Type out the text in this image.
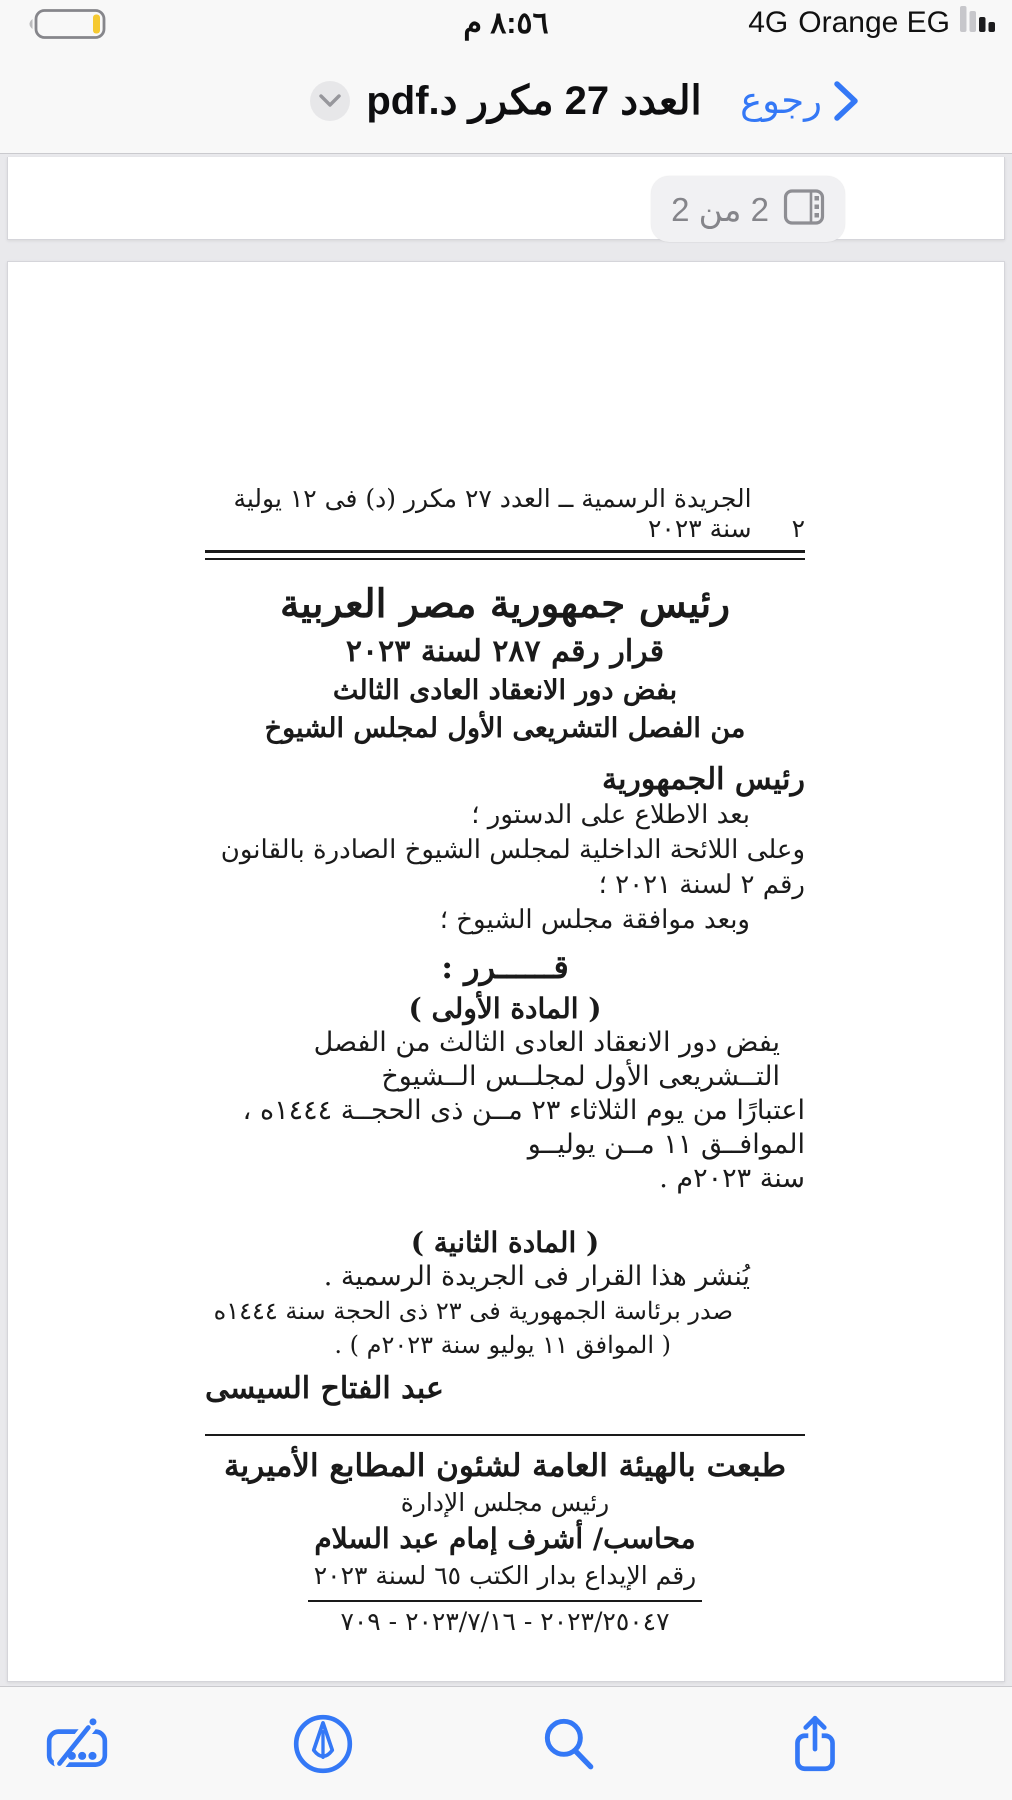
٨:٥٦ م	4G Orange EG
العدد 27 مكرر د.pdf رجوع
2 من 2
٢
الجريدة الرسمية ــ العدد ٢٧ مكرر (د) فى ١٢ يولية سنة ٢٠٢٣
رئيس جمهورية مصر العربية
قرار رقم ٢٨٧ لسنة ٢٠٢٣
بفض دور الانعقاد العادى الثالث
من الفصل التشريعى الأول لمجلس الشيوخ
رئيس الجمهورية
بعد الاطلاع على الدستور ؛
وعلى اللائحة الداخلية لمجلس الشيوخ الصادرة بالقانون رقم ٢ لسنة ٢٠٢١ ؛
وبعد موافقة مجلس الشيوخ ؛
قــــــرر :
( المادة الأولى )
يفض دور الانعقاد العادى الثالث من الفصل التــشريعى الأول لمجلــس الــشيوخ
اعتبارًا من يوم الثلاثاء ٢٣ مــن ذى الحجــة ١٤٤٤ه ، الموافــق ١١ مــن يوليــو
سنة ٢٠٢٣م .
( المادة الثانية )
يُنشر هذا القرار فى الجريدة الرسمية .
صدر برئاسة الجمهورية فى ٢٣ ذى الحجة سنة ١٤٤٤ه
( الموافق ١١ يوليو سنة ٢٠٢٣م ) .
عبد الفتاح السيسى
طبعت بالهيئة العامة لشئون المطابع الأميرية
رئيس مجلس الإدارة
محاسب/ أشرف إمام عبد السلام
رقم الإيداع بدار الكتب ٦٥ لسنة ٢٠٢٣
٢٠٢٣/٢٥٠٤٧ - ٢٠٢٣/٧/١٦ - ٧٠٩
